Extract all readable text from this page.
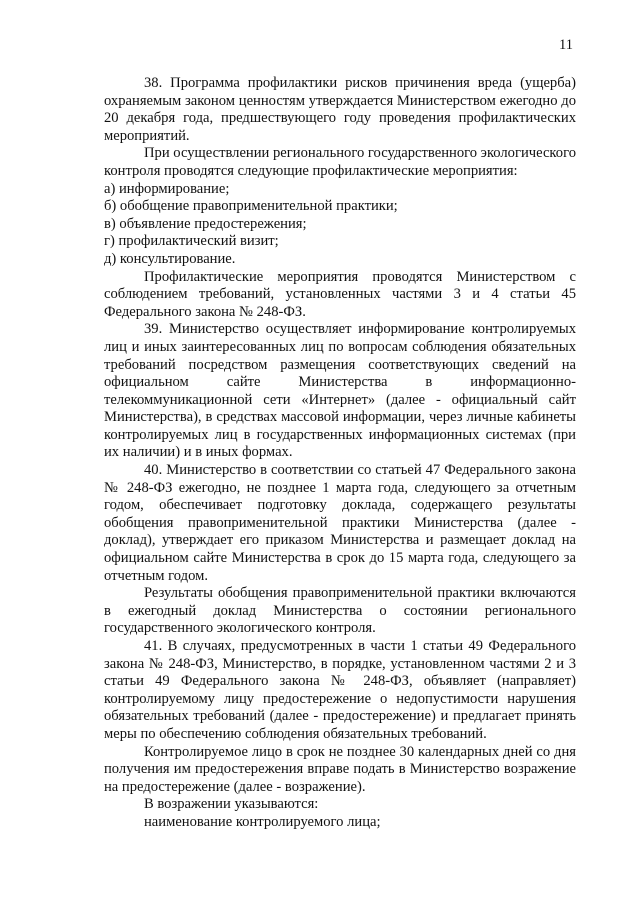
11

38. Программа профилактики рисков причинения вреда (ущерба) охраняемым законом ценностям утверждается Министерством ежегодно до 20 декабря года, предшествующего году проведения профилактических мероприятий.

При осуществлении регионального государственного экологического контроля проводятся следующие профилактические мероприятия:

а) информирование;

б) обобщение правоприменительной практики;

в) объявление предостережения;

г) профилактический визит;

д) консультирование.

Профилактические мероприятия проводятся Министерством с соблюдением требований, установленных частями 3 и 4 статьи 45 Федерального закона № 248-ФЗ.

39. Министерство осуществляет информирование контролируемых лиц и иных заинтересованных лиц по вопросам соблюдения обязательных требований посредством размещения соответствующих сведений на официальном сайте Министерства в информационно-телекоммуникационной сети «Интернет» (далее - официальный сайт Министерства), в средствах массовой информации, через личные кабинеты контролируемых лиц в государственных информационных системах (при их наличии) и в иных формах.

40. Министерство в соответствии со статьей 47 Федерального закона № 248-ФЗ ежегодно, не позднее 1 марта года, следующего за отчетным годом, обеспечивает подготовку доклада, содержащего результаты обобщения правоприменительной практики Министерства (далее - доклад), утверждает его приказом Министерства и размещает доклад на официальном сайте Министерства в срок до 15 марта года, следующего за отчетным годом.

Результаты обобщения правоприменительной практики включаются в ежегодный доклад Министерства о состоянии регионального государственного экологического контроля.

41. В случаях, предусмотренных в части 1 статьи 49 Федерального закона № 248-ФЗ, Министерство, в порядке, установленном частями 2 и 3 статьи 49 Федерального закона № 248-ФЗ, объявляет (направляет) контролируемому лицу предостережение о недопустимости нарушения обязательных требований (далее - предостережение) и предлагает принять меры по обеспечению соблюдения обязательных требований.

Контролируемое лицо в срок не позднее 30 календарных дней со дня получения им предостережения вправе подать в Министерство возражение на предостережение (далее - возражение).

В возражении указываются:

наименование контролируемого лица;
